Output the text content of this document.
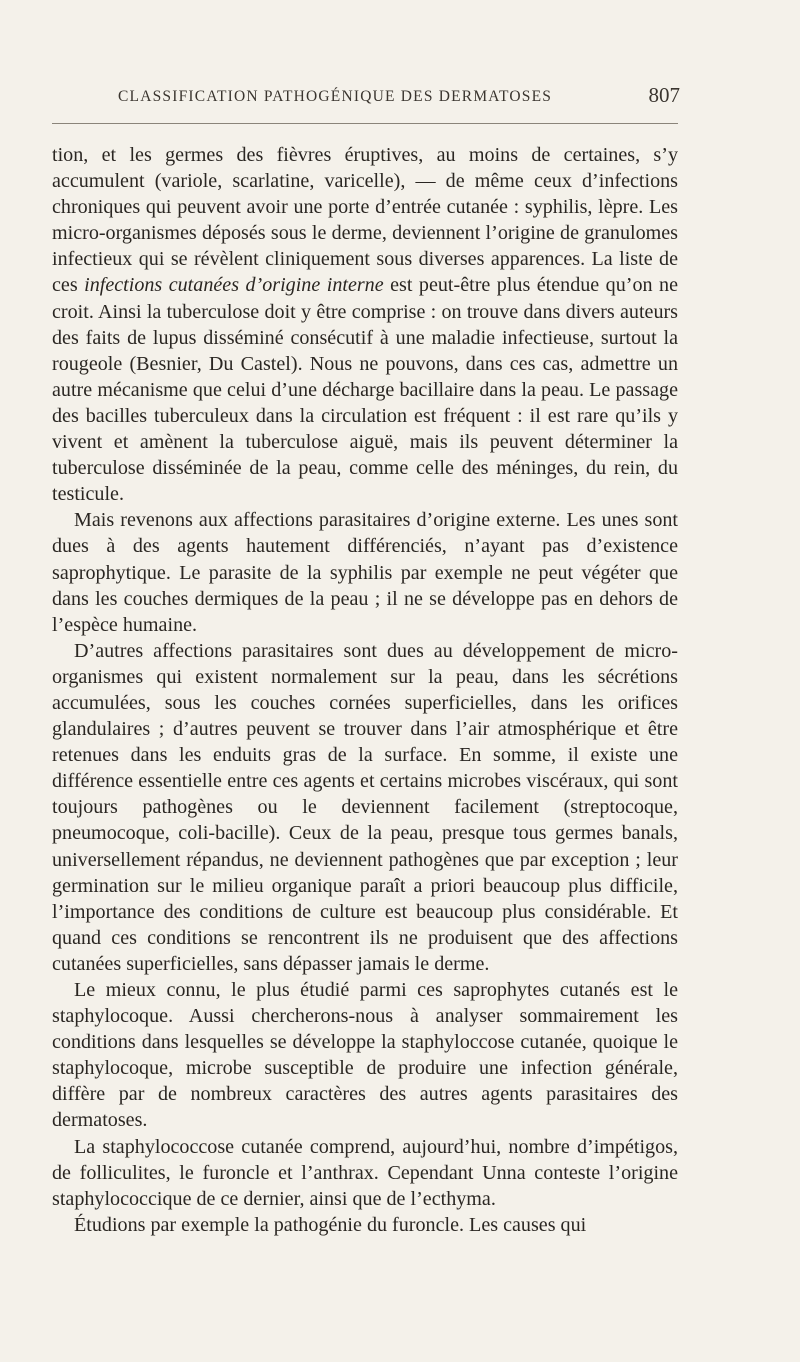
CLASSIFICATION PATHOGÉNIQUE DES DERMATOSES	807

tion, et les germes des fièvres éruptives, au moins de certaines, s’y accumulent (variole, scarlatine, varicelle), — de même ceux d’infections chroniques qui peuvent avoir une porte d’entrée cutanée : syphilis, lèpre. Les micro-organismes déposés sous le derme, deviennent l’origine de granulomes infectieux qui se révèlent cliniquement sous diverses apparences. La liste de ces infections cutanées d’origine interne est peut-être plus étendue qu’on ne croit. Ainsi la tuberculose doit y être comprise : on trouve dans divers auteurs des faits de lupus disséminé consécutif à une maladie infectieuse, surtout la rougeole (Besnier, Du Castel). Nous ne pouvons, dans ces cas, admettre un autre mécanisme que celui d’une décharge bacillaire dans la peau. Le passage des bacilles tuberculeux dans la circulation est fréquent : il est rare qu’ils y vivent et amènent la tuberculose aiguë, mais ils peuvent déterminer la tuberculose disséminée de la peau, comme celle des méninges, du rein, du testicule.

Mais revenons aux affections parasitaires d’origine externe. Les unes sont dues à des agents hautement différenciés, n’ayant pas d’existence saprophytique. Le parasite de la syphilis par exemple ne peut végéter que dans les couches dermiques de la peau ; il ne se développe pas en dehors de l’espèce humaine.

D’autres affections parasitaires sont dues au développement de micro-organismes qui existent normalement sur la peau, dans les sécrétions accumulées, sous les couches cornées superficielles, dans les orifices glandulaires ; d’autres peuvent se trouver dans l’air atmosphérique et être retenues dans les enduits gras de la surface. En somme, il existe une différence essentielle entre ces agents et certains microbes viscéraux, qui sont toujours pathogènes ou le deviennent facilement (streptocoque, pneumocoque, coli-bacille). Ceux de la peau, presque tous germes banals, universellement répandus, ne deviennent pathogènes que par exception ; leur germination sur le milieu organique paraît a priori beaucoup plus difficile, l’importance des conditions de culture est beaucoup plus considérable. Et quand ces conditions se rencontrent ils ne produisent que des affections cutanées superficielles, sans dépasser jamais le derme.

Le mieux connu, le plus étudié parmi ces saprophytes cutanés est le staphylocoque. Aussi chercherons-nous à analyser sommairement les conditions dans lesquelles se développe la staphyloccose cutanée, quoique le staphylocoque, microbe susceptible de produire une infection générale, diffère par de nombreux caractères des autres agents parasitaires des dermatoses.

La staphylococcose cutanée comprend, aujourd’hui, nombre d’impétigos, de folliculites, le furoncle et l’anthrax. Cependant Unna conteste l’origine staphylococcique de ce dernier, ainsi que de l’ecthyma.

Étudions par exemple la pathogénie du furoncle. Les causes qui
